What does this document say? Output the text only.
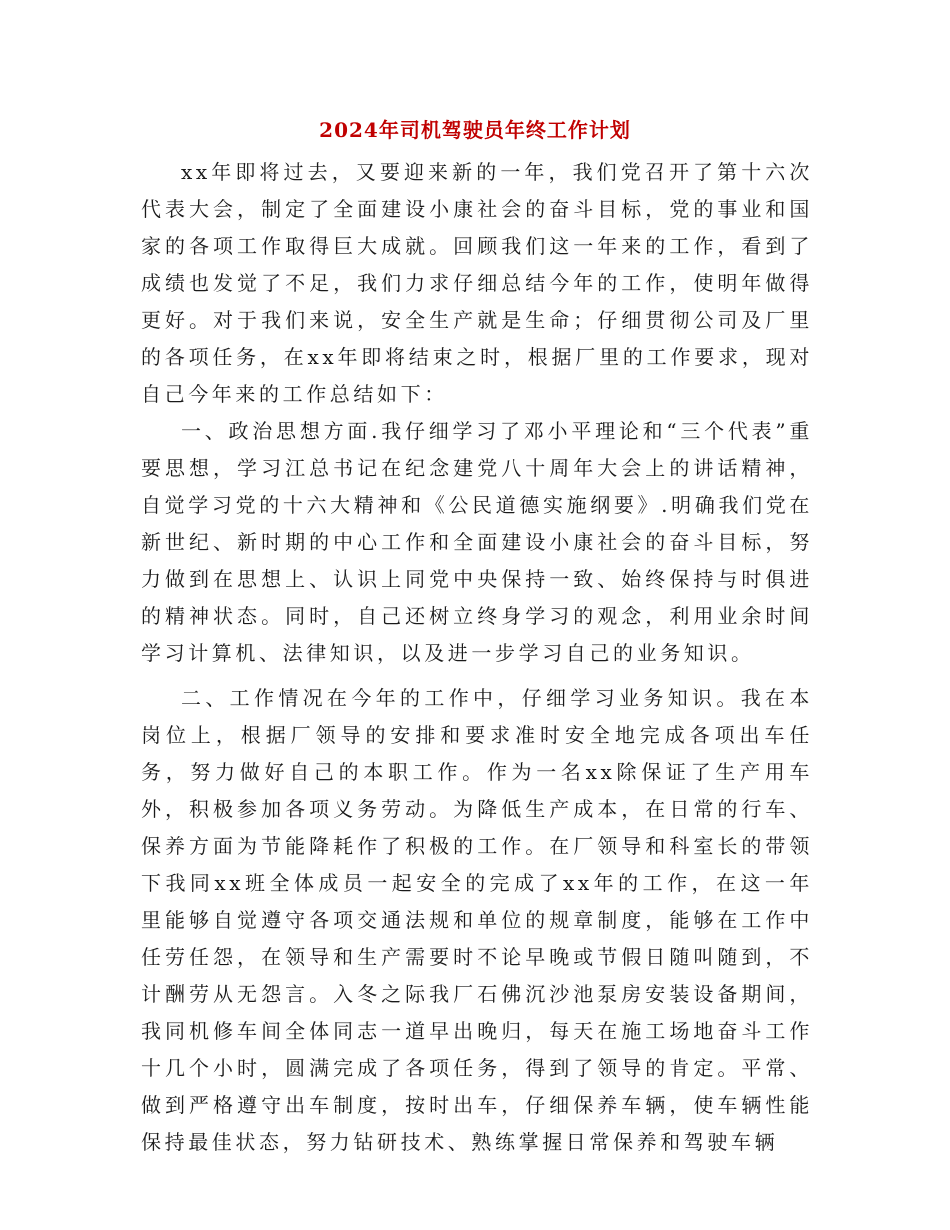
2024年司机驾驶员年终工作计划

xx年即将过去，又要迎来新的一年，我们党召开了第十六次代表大会，制定了全面建设小康社会的奋斗目标，党的事业和国家的各项工作取得巨大成就。回顾我们这一年来的工作，看到了成绩也发觉了不足，我们力求仔细总结今年的工作，使明年做得更好。对于我们来说，安全生产就是生命；仔细贯彻公司及厂里的各项任务，在xx年即将结束之时，根据厂里的工作要求，现对自己今年来的工作总结如下：

一、政治思想方面.我仔细学习了邓小平理论和“三个代表”重要思想，学习江总书记在纪念建党八十周年大会上的讲话精神，自觉学习党的十六大精神和《公民道德实施纲要》.明确我们党在新世纪、新时期的中心工作和全面建设小康社会的奋斗目标，努力做到在思想上、认识上同党中央保持一致、始终保持与时俱进的精神状态。同时，自己还树立终身学习的观念，利用业余时间学习计算机、法律知识，以及进一步学习自己的业务知识。

二、工作情况在今年的工作中，仔细学习业务知识。我在本岗位上，根据厂领导的安排和要求准时安全地完成各项出车任务，努力做好自己的本职工作。作为一名xx除保证了生产用车外，积极参加各项义务劳动。为降低生产成本，在日常的行车、保养方面为节能降耗作了积极的工作。在厂领导和科室长的带领下我同xx班全体成员一起安全的完成了xx年的工作，在这一年里能够自觉遵守各项交通法规和单位的规章制度，能够在工作中任劳任怨，在领导和生产需要时不论早晚或节假日随叫随到，不计酬劳从无怨言。入冬之际我厂石佛沉沙池泵房安装设备期间，我同机修车间全体同志一道早出晚归，每天在施工场地奋斗工作十几个小时，圆满完成了各项任务，得到了领导的肯定。平常、做到严格遵守出车制度，按时出车，仔细保养车辆，使车辆性能保持最佳状态，努力钻研技术、熟练掌握日常保养和驾驶车辆
